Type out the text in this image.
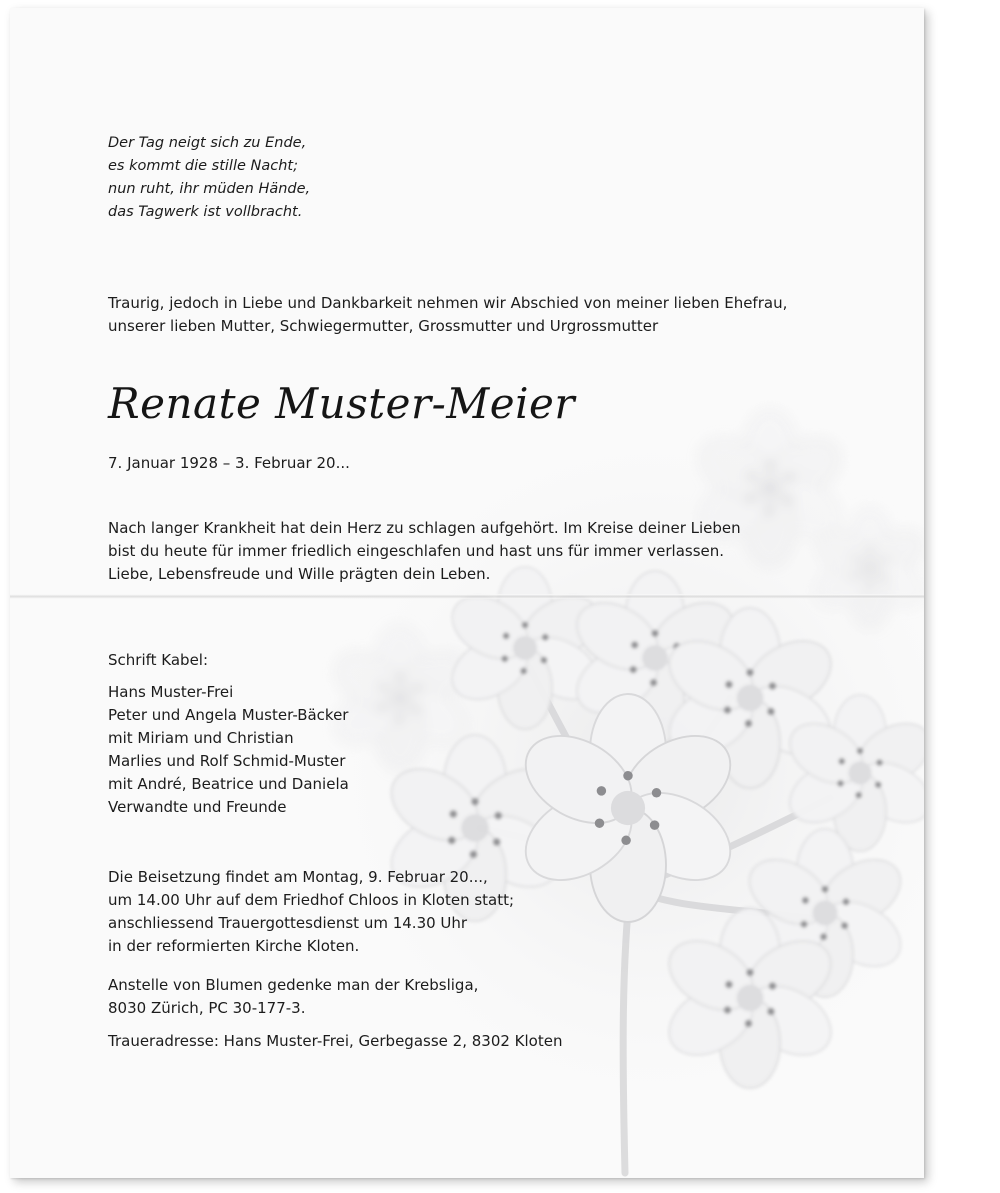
Der Tag neigt sich zu Ende,
es kommt die stille Nacht;
nun ruht, ihr müden Hände,
das Tagwerk ist vollbracht.

Traurig, jedoch in Liebe und Dankbarkeit nehmen wir Abschied von meiner lieben Ehefrau,
unserer lieben Mutter, Schwiegermutter, Grossmutter und Urgrossmutter

Renate Muster-Meier

7. Januar 1928 – 3. Februar 20...

Nach langer Krankheit hat dein Herz zu schlagen aufgehört. Im Kreise deiner Lieben
bist du heute für immer friedlich eingeschlafen und hast uns für immer verlassen.
Liebe, Lebensfreude und Wille prägten dein Leben.

Schrift Kabel:

Hans Muster-Frei
Peter und Angela Muster-Bäcker
mit Miriam und Christian
Marlies und Rolf Schmid-Muster
mit André, Beatrice und Daniela
Verwandte und Freunde

Die Beisetzung findet am Montag, 9. Februar 20...,
um 14.00 Uhr auf dem Friedhof Chloos in Kloten statt;
anschliessend Trauergottesdienst um 14.30 Uhr
in der reformierten Kirche Kloten.

Anstelle von Blumen gedenke man der Krebsliga,
8030 Zürich, PC 30-177-3.

Traueradresse: Hans Muster-Frei, Gerbegasse 2, 8302 Kloten
